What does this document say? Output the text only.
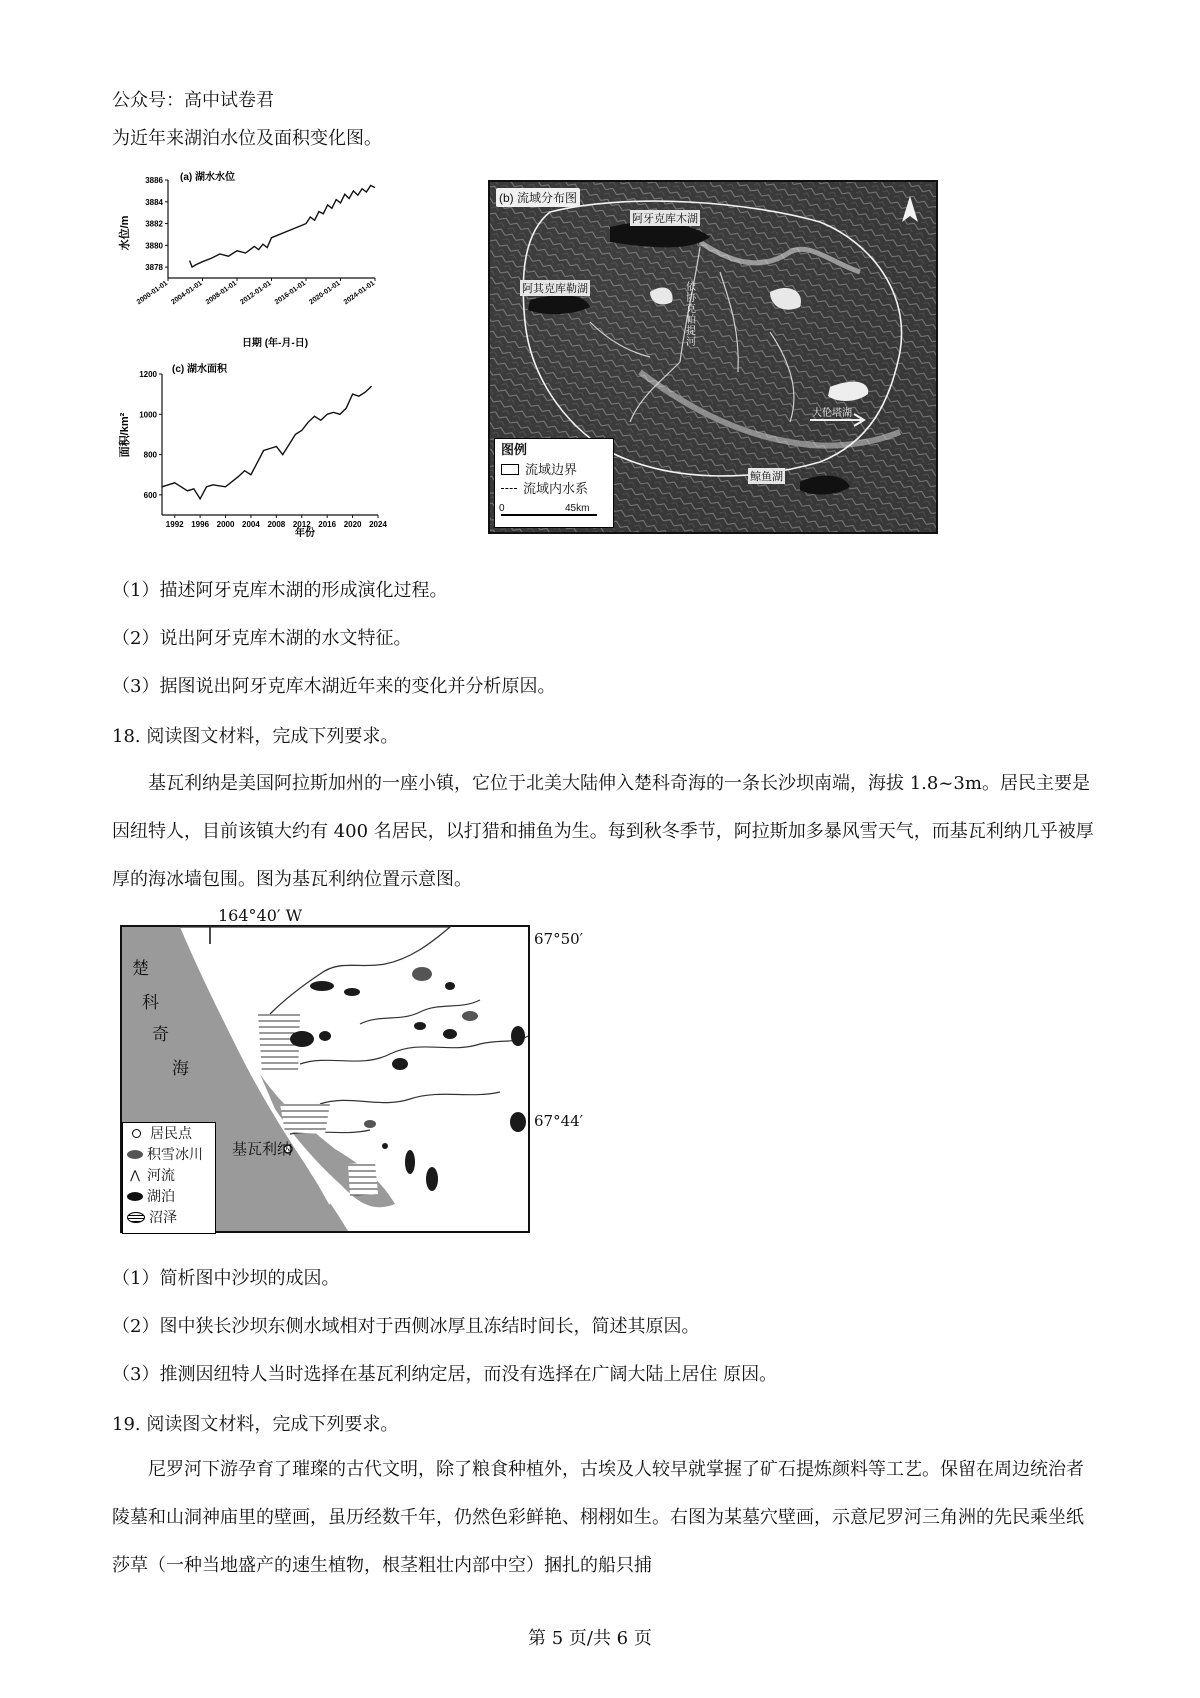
公众号：高中试卷君
为近年来湖泊水位及面积变化图。
水位/m
(a) 湖水水位
日期 (年-月-日)
3878
3880
3882
3884
3886
2000-01-01 2004-01-01 2008-01-01 2012-01-01 2016-01-01 2020-01-01 2024-01-01
面积/km²
(c) 湖水面积
年份
600
800
1000
1200
1992 1996 2000 2004 2008 2012 2016 2020 2024
(b) 流域分布图
阿牙克库木湖
阿其克库勒湖	依协克帕提河
鲸鱼湖
大伦塔湖
图例
流域边界
流域内水系
0	45km
（1）描述阿牙克库木湖的形成演化过程。
（2）说出阿牙克库木湖的水文特征。
（3）据图说出阿牙克库木湖近年来的变化并分析原因。
18. 阅读图文材料，完成下列要求。
基瓦利纳是美国阿拉斯加州的一座小镇，它位于北美大陆伸入楚科奇海的一条长沙坝南端，海拔 1.8~3m。居民主要是因纽特人，目前该镇大约有 400 名居民，以打猎和捕鱼为生。每到秋冬季节，阿拉斯加多暴风雪天气，而基瓦利纳几乎被厚厚的海冰墙包围。图为基瓦利纳位置示意图。
164°40′ W
67°50′
67°44′
楚
科
奇
海
基瓦利纳
居民点
积雪冰川
⋀ 河流
湖泊
沼泽
（1）简析图中沙坝的成因。
（2）图中狭长沙坝东侧水域相对于西侧冰厚且冻结时间长，简述其原因。
（3）推测因纽特人当时选择在基瓦利纳定居，而没有选择在广阔大陆上居住 原因。
19. 阅读图文材料，完成下列要求。
尼罗河下游孕育了璀璨的古代文明，除了粮食种植外，古埃及人较早就掌握了矿石提炼颜料等工艺。保留在周边统治者陵墓和山洞神庙里的壁画，虽历经数千年，仍然色彩鲜艳、栩栩如生。右图为某墓穴壁画，示意尼罗河三角洲的先民乘坐纸莎草（一种当地盛产的速生植物，根茎粗壮内部中空）捆扎的船只捕
第 5 页/共 6 页
